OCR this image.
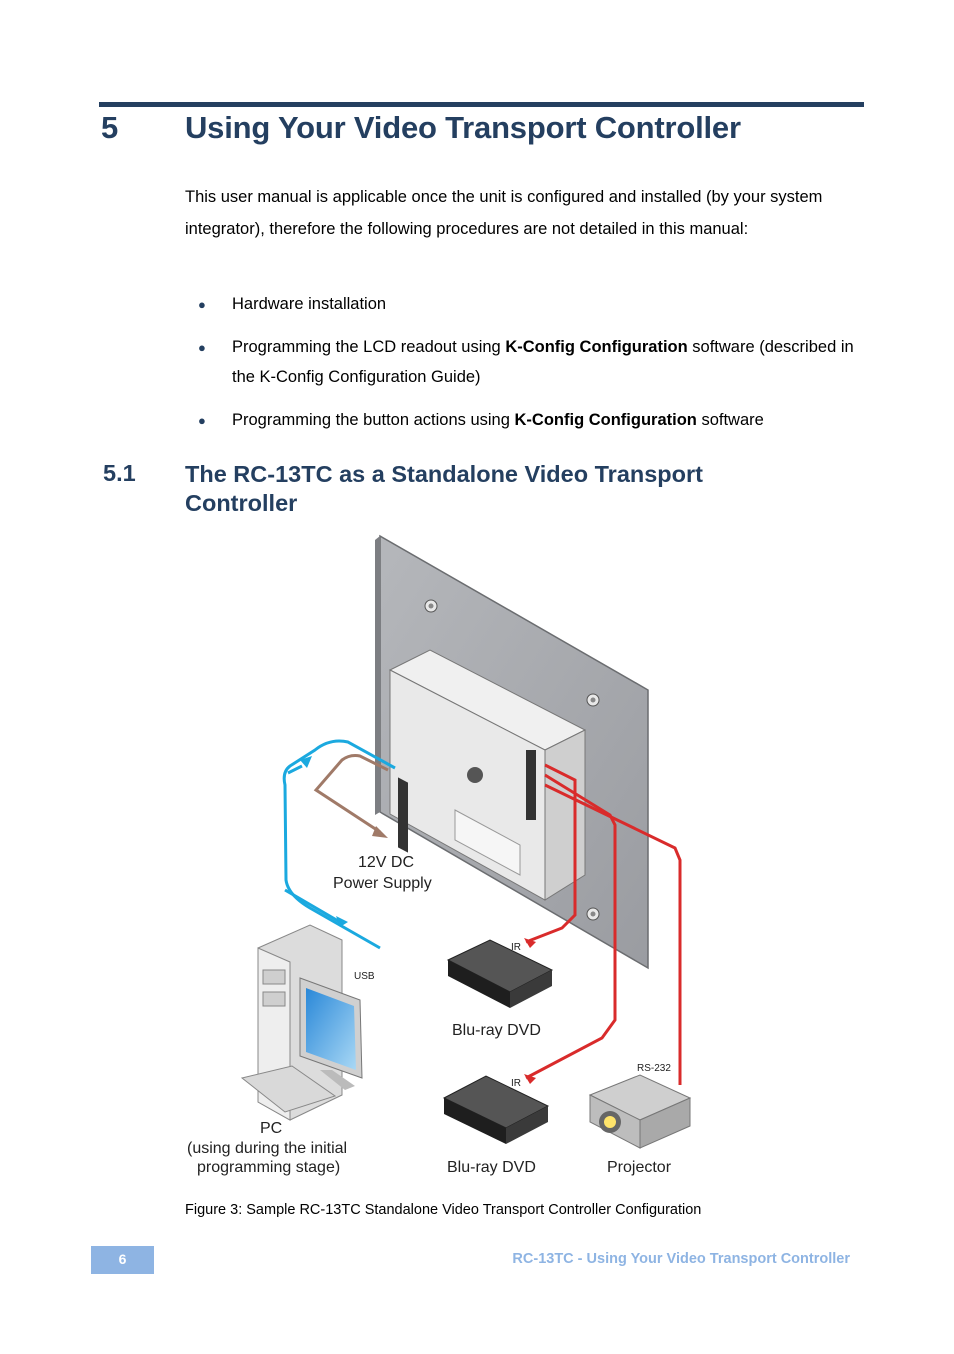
5 Using Your Video Transport Controller
This user manual is applicable once the unit is configured and installed (by your system integrator), therefore the following procedures are not detailed in this manual:
● Hardware installation
● Programming the LCD readout using K-Config Configuration software (described in the K-Config Configuration Guide)
● Programming the button actions using K-Config Configuration software
5.1 The RC-13TC as a Standalone Video Transport Controller
12V DC
Power Supply
USB
PC
(using during the initial
programming stage)
IR
Blu-ray DVD
IR
Blu-ray DVD
RS-232
Projector
Figure 3: Sample RC-13TC Standalone Video Transport Controller Configuration
6	RC-13TC - Using Your Video Transport Controller
